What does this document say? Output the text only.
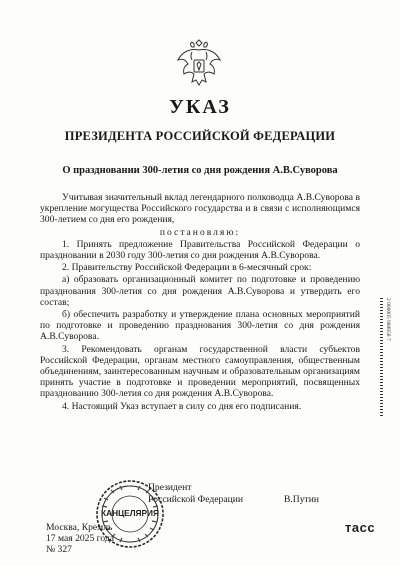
УКАЗ
ПРЕЗИДЕНТА РОССИЙСКОЙ ФЕДЕРАЦИИ
О праздновании 300-летия со дня рождения А.В.Суворова

Учитывая значительный вклад легендарного полководца А.В.Суворова в укрепление могущества Российского государства и в связи с исполняющимся 300-летием со дня его рождения,

постановляю:

1. Принять предложение Правительства Российской Федерации о праздновании в 2030 году 300-летия со дня рождения А.В.Суворова.

2. Правительству Российской Федерации в 6-месячный срок:

а) образовать организационный комитет по подготовке и проведению празднования 300-летия со дня рождения А.В.Суворова и утвердить его состав;

б) обеспечить разработку и утверждение плана основных мероприятий по подготовке и проведению празднования 300-летия со дня рождения А.В.Суворова.

3. Рекомендовать органам государственной власти субъектов Российской Федерации, органам местного самоуправления, общественным объединениям, заинтересованным научным и образовательным организациям принять участие в подготовке и проведении мероприятий, посвященных празднованию 300-летия со дня рождения А.В.Суворова.

4. Настоящий Указ вступает в силу со дня его подписания.

2 000005 980058 7
КАНЦЕЛЯРИЯ
Президент
Российской Федерации	В.Путин
Москва, Кремль
17 мая 2025 года
№ 327
тасс
